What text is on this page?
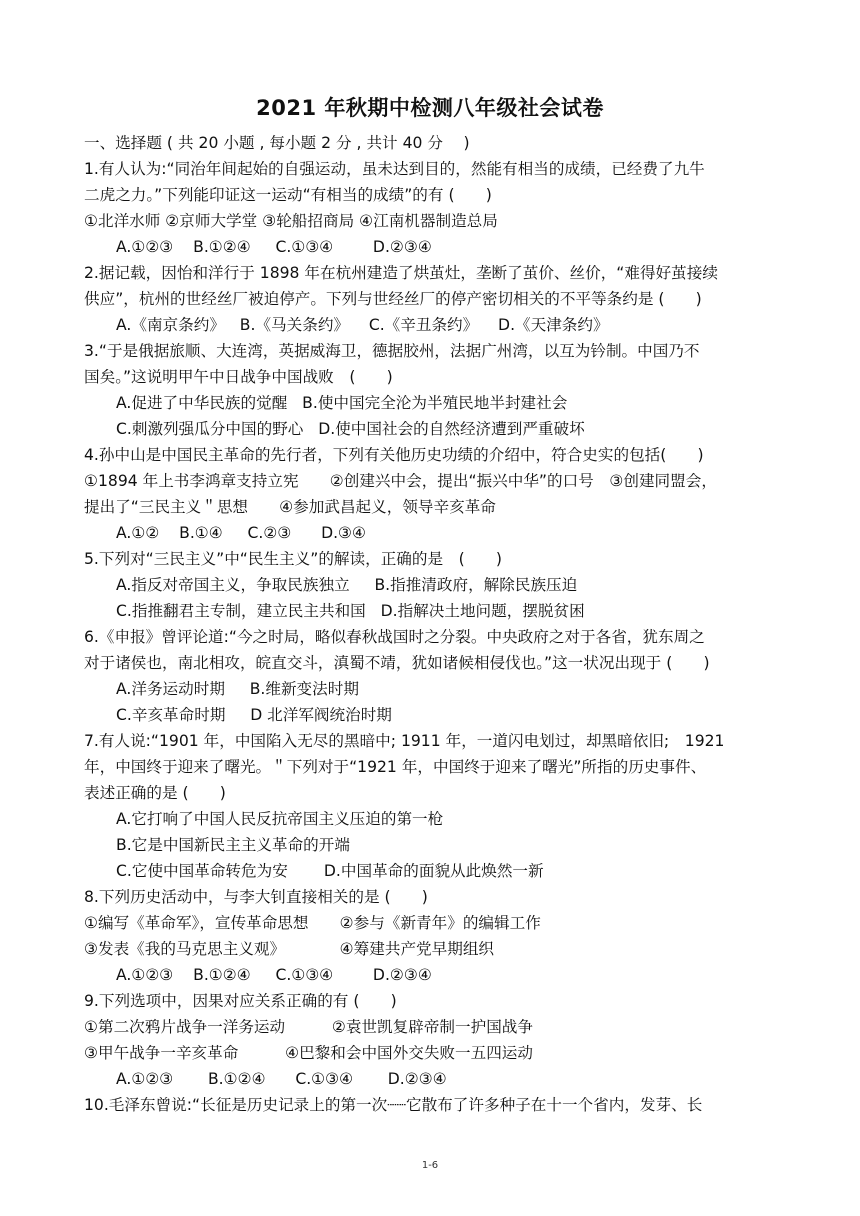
2021 年秋期中检测八年级社会试卷
一、选择题 ( 共 20 小题 , 每小题 2 分 , 共计 40 分 　)
1.有人认为:“同治年间起始的自强运动，虽未达到目的，然能有相当的成绩，已经费了九牛
二虎之力。”下列能印证这一运动“有相当的成绩”的有 (　　)
①北洋水师 ②京师大学堂 ③轮船招商局 ④江南机器制造总局
A.①②③    B.①②④     C.①③④        D.②③④
2.据记载，因怡和洋行于 1898 年在杭州建造了烘茧灶，垄断了茧价、丝价，“难得好茧接续
供应”，杭州的世经丝厂被迫停产。下列与世经丝厂的停产密切相关的不平等条约是 (　　)
A.《南京条约》   B.《马关条约》    C.《辛丑条约》    D.《天津条约》
3.“于是俄据旅顺、大连湾，英据威海卫，德据胶州，法据广州湾，以互为钤制。中国乃不
国矣。”这说明甲午中日战争中国战败　(　　)
A.促进了中华民族的觉醒   B.使中国完全沦为半殖民地半封建社会
C.刺激列强瓜分中国的野心   D.使中国社会的自然经济遭到严重破坏
4.孙中山是中国民主革命的先行者，下列有关他历史功绩的介绍中，符合史实的包括(　　)
①1894 年上书李鸿章支持立宪　　②创建兴中会，提出“振兴中华”的口号　③创建同盟会，
提出了“三民主义＂思想　　④参加武昌起义，领导辛亥革命
A.①②    B.①④     C.②③      D.③④
5.下列对“三民主义”中“民生主义”的解读，正确的是　(　　)
A.指反对帝国主义，争取民族独立     B.指推清政府，解除民族压迫
C.指推翻君主专制，建立民主共和国   D.指解决土地问题，摆脱贫困
6.《申报》曾评论道:“今之时局，略似春秋战国时之分裂。中央政府之对于各省，犹东周之
对于诸侯也，南北相攻，皖直交斗，滇蜀不靖，犹如诸候相侵伐也。”这一状况出现于 (　　)
A.洋务运动时期     B.维新变法时期
C.辛亥革命时期     D 北洋军阀统治时期
7.有人说:“1901 年，中国陷入无尽的黑暗中; 1911 年，一道闪电划过，却黑暗依旧;　1921
年，中国终于迎来了曙光。＂下列对于“1921 年，中国终于迎来了曙光”所指的历史事件、
表述正确的是 (　　)
A.它打响了中国人民反抗帝国主义压迫的第一枪
B.它是中国新民主主义革命的开端
C.它使中国革命转危为安　　 D.中国革命的面貌从此焕然一新
8.下列历史活动中，与李大钊直接相关的是 (　　)
①编写《革命军》，宣传革命思想　　②参与《新青年》的编辑工作
③发表《我的马克思主义观》　　　　④筹建共产党早期组织
A.①②③    B.①②④     C.①③④        D.②③④
9.下列选项中，因果对应关系正确的有 (　　)
①第二次鸦片战争一洋务运动　　　②袁世凯复辟帝制一护国战争
③甲午战争一辛亥革命　　　④巴黎和会中国外交失败一五四运动
A.①②③       B.①②④      C.①③④       D.②③④
10.毛泽东曾说:“长征是历史记录上的第一次┈┈它散布了许多种子在十一个省内，发芽、长
1-6
